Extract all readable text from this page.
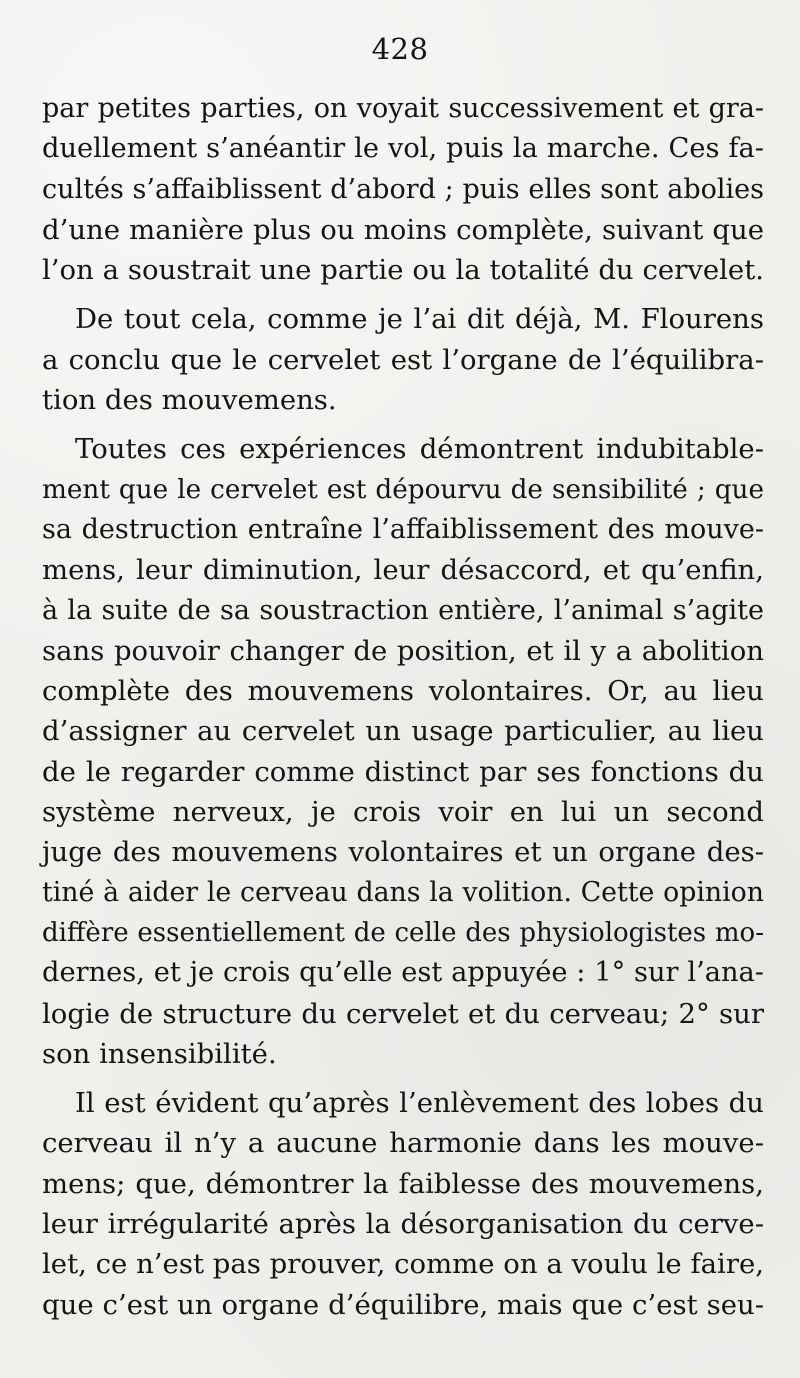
428
par petites parties, on voyait successivement et gra-
duellement s’anéantir le vol, puis la marche. Ces fa-
cultés s’affaiblissent d’abord ; puis elles sont abolies
d’une manière plus ou moins complète, suivant que
l’on a soustrait une partie ou la totalité du cervelet.
De tout cela, comme je l’ai dit déjà, M. Flourens
a conclu que le cervelet est l’organe de l’équilibra-
tion des mouvemens.
Toutes ces expériences démontrent indubitable-
ment que le cervelet est dépourvu de sensibilité ; que
sa destruction entraîne l’affaiblissement des mouve-
mens, leur diminution, leur désaccord, et qu’enfin,
à la suite de sa soustraction entière, l’animal s’agite
sans pouvoir changer de position, et il y a abolition
complète des mouvemens volontaires. Or, au lieu
d’assigner au cervelet un usage particulier, au lieu
de le regarder comme distinct par ses fonctions du
système nerveux, je crois voir en lui un second
juge des mouvemens volontaires et un organe des-
tiné à aider le cerveau dans la volition. Cette opinion
diffère essentiellement de celle des physiologistes mo-
dernes, et je crois qu’elle est appuyée : 1° sur l’ana-
logie de structure du cervelet et du cerveau; 2° sur
son insensibilité.
Il est évident qu’après l’enlèvement des lobes du
cerveau il n’y a aucune harmonie dans les mouve-
mens; que, démontrer la faiblesse des mouvemens,
leur irrégularité après la désorganisation du cerve-
let, ce n’est pas prouver, comme on a voulu le faire,
que c’est un organe d’équilibre, mais que c’est seu-
